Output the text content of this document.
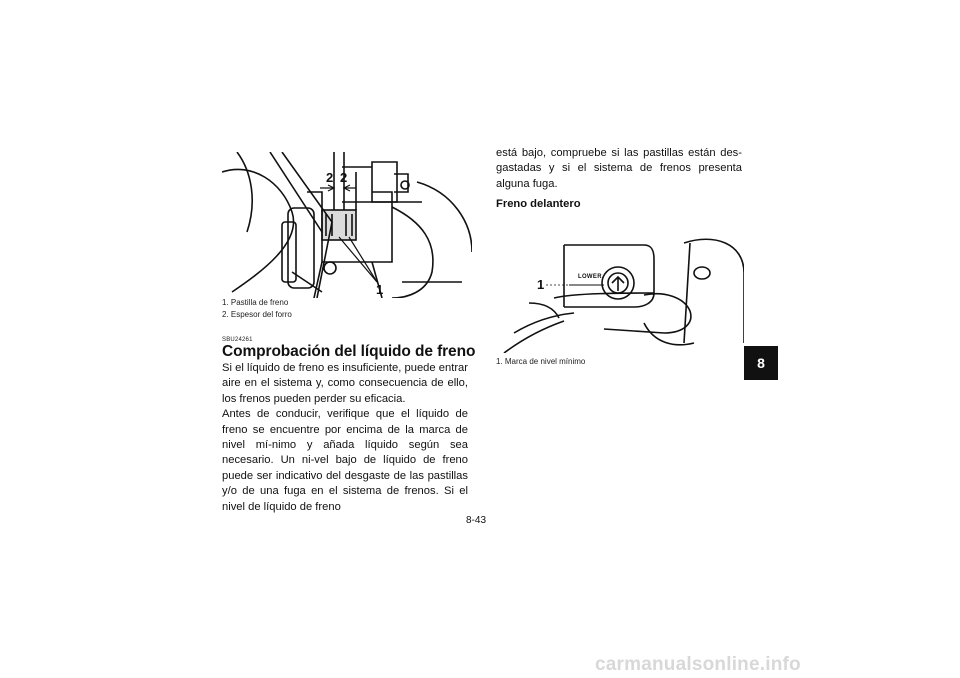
2 2
1
1. Pastilla de freno
2. Espesor del forro
SBU24261
Comprobación del líquido de freno

Si el líquido de freno es insuficiente, puede entrar aire en el sistema y, como consecuencia de ello, los frenos pueden perder su eficacia.

Antes de conducir, verifique que el líquido de freno se encuentre por encima de la marca de nivel mí-nimo y añada líquido según sea necesario. Un ni-vel bajo de líquido de freno puede ser indicativo del desgaste de las pastillas y/o de una fuga en el sistema de frenos. Si el nivel de líquido de freno

está bajo, compruebe si las pastillas están des-gastadas y si el sistema de frenos presenta alguna fuga.

Freno delantero
LOWER
1
1. Marca de nivel mínimo	8
8-43
carmanualsonline.info
